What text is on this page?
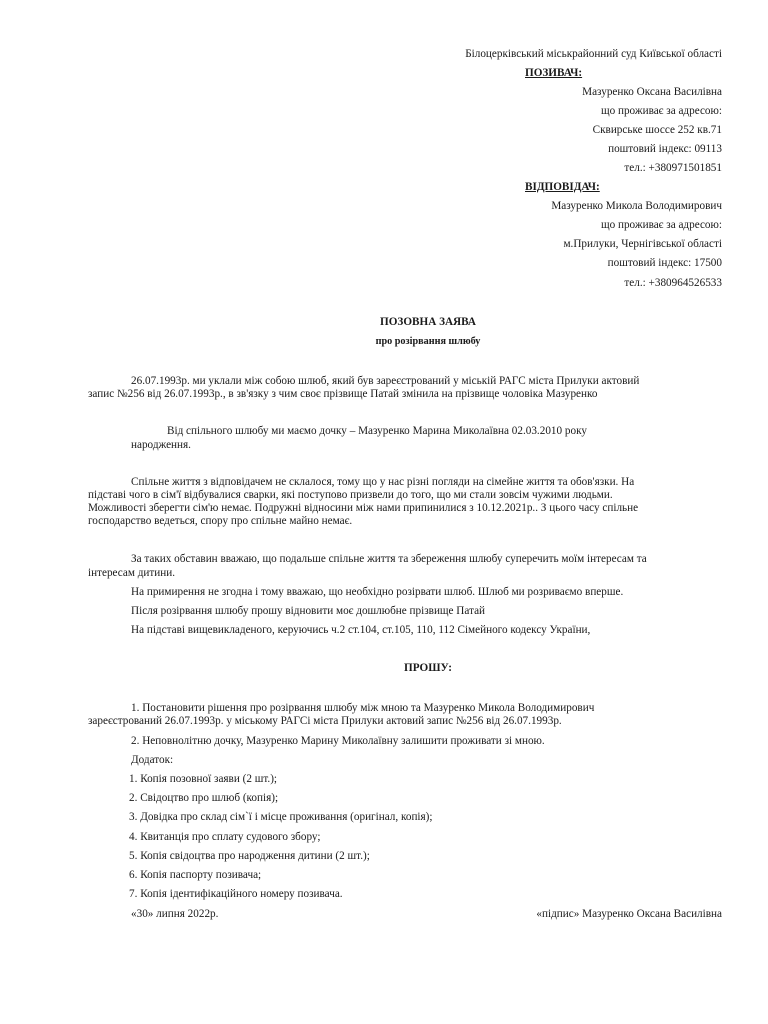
Білоцерківський міськрайонний суд Київської області
ПОЗИВАЧ:
Мазуренко Оксана Василівна
що проживає за адресою:
Сквирське шоссе 252 кв.71
поштовий індекс: 09113
тел.: +380971501851
ВІДПОВІДАЧ:
Мазуренко Микола Володимирович
що проживає за адресою:
м.Прилуки, Чернігівської області
поштовий індекс: 17500
тел.: +380964526533
ПОЗОВНА ЗАЯВА
про розірвання шлюбу
26.07.1993р. ми уклали між собою шлюб, який був зареєстрований у міській РАГС міста Прилуки актовий
запис №256 від 26.07.1993р., в зв'язку з чим своє прізвище Патай змінила на прізвище чоловіка Мазуренко
Від спільного шлюбу ми маємо дочку – Мазуренко Марина Миколаївна 02.03.2010 року
народження.
Спільне життя з відповідачем не склалося, тому що у нас різні погляди на сімейне життя та обов'язки. На
підставі чого в сім'ї відбувалися сварки, які поступово призвели до того, що ми стали зовсім чужими людьми.
Можливості зберегти сім'ю немає. Подружні відносини між нами припинилися з 10.12.2021р.. З цього часу спільне
господарство ведеться, спору про спільне майно немає.
За таких обставин вважаю, що подальше спільне життя та збереження шлюбу суперечить моїм інтересам та
інтересам дитини.
На примирення не згодна і тому вважаю, що необхідно розірвати шлюб. Шлюб ми розриваємо вперше.
Після розірвання шлюбу прошу відновити моє дошлюбне прізвище Патай
На підставі вищевикладеного, керуючись ч.2 ст.104, ст.105, 110, 112 Сімейного кодексу України,
ПРОШУ:
1. Постановити рішення про розірвання шлюбу між мною та Мазуренко Микола Володимирович
зареєстрований 26.07.1993р. у міському РАГСі міста Прилуки актовий запис №256 від 26.07.1993р.
2. Неповнолітню дочку, Мазуренко Марину Миколаївну залишити проживати зі мною.
Додаток:
1. Копія позовної заяви (2 шт.);
2. Свідоцтво про шлюб (копія);
3. Довідка про склад сім`ї і місце проживання (оригінал, копія);
4. Квитанція про сплату судового збору;
5. Копія свідоцтва про народження дитини (2 шт.);
6. Копія паспорту позивача;
7. Копія ідентифікаційного номеру позивача.
«30» липня 2022р.	«підпис» Мазуренко Оксана Василівна
